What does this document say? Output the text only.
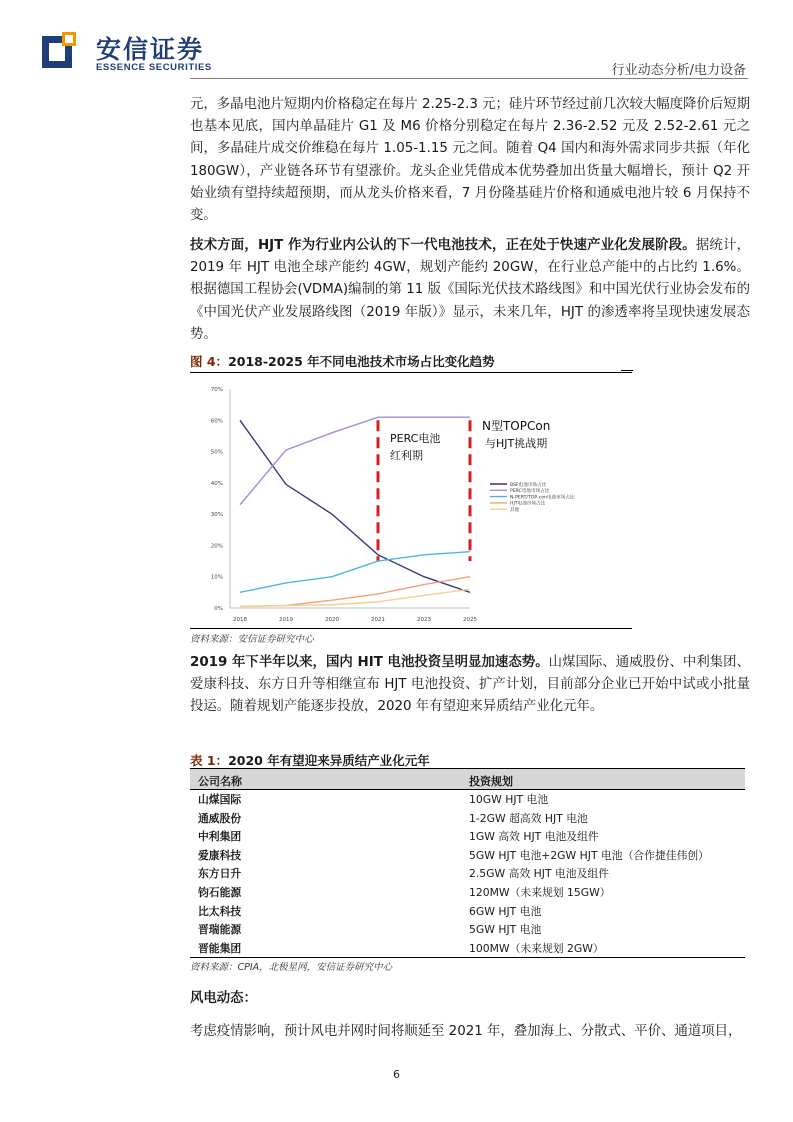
安信证券
ESSENCE SECURITIES	行业动态分析/电力设备
元，多晶电池片短期内价格稳定在每片 2.25-2.3 元；硅片环节经过前几次较大幅度降价后短期也基本见底，国内单晶硅片 G1 及 M6 价格分别稳定在每片 2.36-2.52 元及 2.52-2.61 元之间，多晶硅片成交价维稳在每片 1.05-1.15 元之间。随着 Q4 国内和海外需求同步共振（年化 180GW），产业链各环节有望涨价。龙头企业凭借成本优势叠加出货量大幅增长，预计 Q2 开始业绩有望持续超预期，而从龙头价格来看，7 月份隆基硅片价格和通威电池片较 6 月保持不变。
技术方面，HJT 作为行业内公认的下一代电池技术，正在处于快速产业化发展阶段。据统计，2019 年 HJT 电池全球产能约 4GW，规划产能约 20GW，在行业总产能中的占比约 1.6%。根据德国工程协会(VDMA)编制的第 11 版《国际光伏技术路线图》和中国光伏行业协会发布的《中国光伏产业发展路线图（2019 年版）》显示，未来几年，HJT 的渗透率将呈现快速发展态势。
图 4：2018-2025 年不同电池技术市场占比变化趋势
0%
10%
20%
30%
40%
50%
60%
70%
2018	2019	2020	2021	2023	2025
PERC电池
红利期
N型TOPCon
与HJT挑战期
BSF电池市场占比
PERC电池市场占比
N-PERT/TOP-con电池市场占比
HJT电池市场占比
其他
资料来源：安信证券研究中心
2019 年下半年以来，国内 HIT 电池投资呈明显加速态势。山煤国际、通威股份、中利集团、爱康科技、东方日升等相继宣布 HJT 电池投资、扩产计划，目前部分企业已开始中试或小批量投运。随着规划产能逐步投放，2020 年有望迎来异质结产业化元年。
表 1：2020 年有望迎来异质结产业化元年
公司名称	投资规划
山煤国际	10GW HJT 电池
通威股份	1-2GW 超高效 HJT 电池
中利集团	1GW 高效 HJT 电池及组件
爱康科技	5GW HJT 电池+2GW HJT 电池（合作捷佳伟创）
东方日升	2.5GW 高效 HJT 电池及组件
钧石能源	120MW（未来规划 15GW）
比太科技	6GW HJT 电池
晋瑞能源	5GW HJT 电池
晋能集团	100MW（未来规划 2GW）
资料来源：CPIA，北极星网，安信证券研究中心
风电动态：
考虑疫情影响，预计风电并网时间将顺延至 2021 年，叠加海上、分散式、平价、通道项目，
6
